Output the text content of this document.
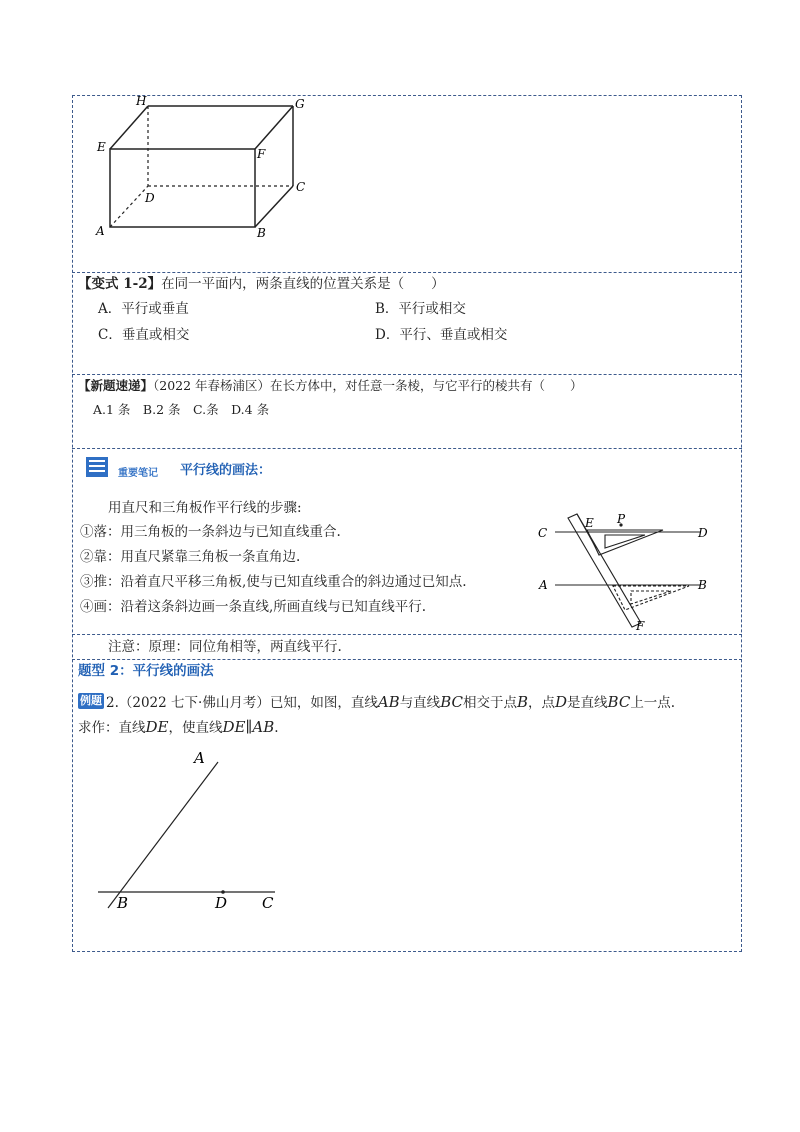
H	G
E	F
D
C
A	B
【变式 1-2】在同一平面内，两条直线的位置关系是（　　）
A．平行或垂直	B．平行或相交
C．垂直或相交	D．平行、垂直或相交
【新题速递】（2022 年春杨浦区）在长方体中，对任意一条棱，与它平行的棱共有（　　）
A.1 条　B.2 条　C.条　D.4 条
重要笔记 平行线的画法：
用直尺和三角板作平行线的步骤:
①落：用三角板的一条斜边与已知直线重合.
②靠：用直尺紧靠三角板一条直角边.
③推：沿着直尺平移三角板,使与已知直线重合的斜边通过已知点.
④画：沿着这条斜边画一条直线,所画直线与已知直线平行.
C
E P
D
A	B
F
注意：原理：同位角相等，两直线平行.
题型 2：平行线的画法
例题 2.（2022 七下·佛山月考）已知，如图，直线AB与直线BC相交于点B，点D是直线BC上一点.
求作：直线DE，使直线DE∥AB.
A
B	D C
